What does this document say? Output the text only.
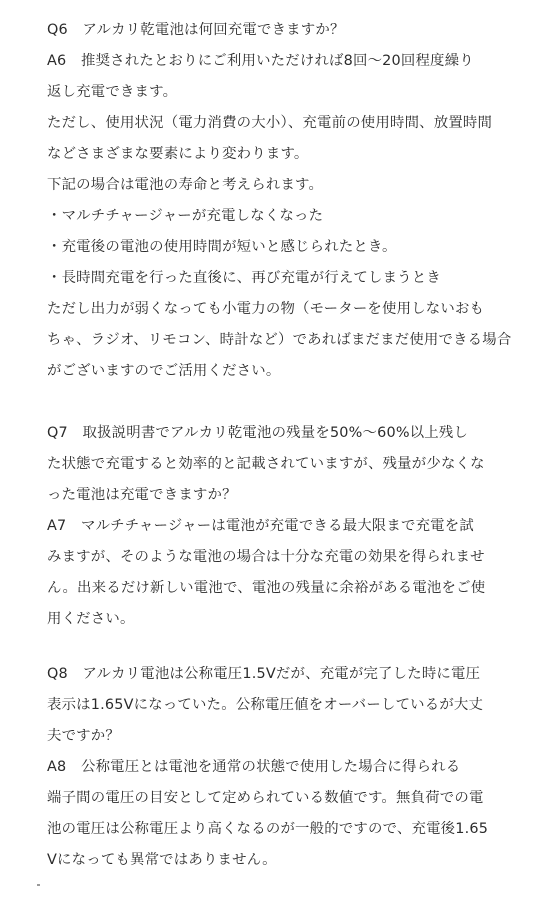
Q6　アルカリ乾電池は何回充電できますか？
A6　推奨されたとおりにご利用いただければ8回～20回程度繰り
返し充電できます。
ただし、使用状況（電力消費の大小）、充電前の使用時間、放置時間
などさまざまな要素により変わります。
下記の場合は電池の寿命と考えられます。
・マルチチャージャーが充電しなくなった
・充電後の電池の使用時間が短いと感じられたとき。
・長時間充電を行った直後に、再び充電が行えてしまうとき
ただし出力が弱くなっても小電力の物（モーターを使用しないおも
ちゃ、ラジオ、リモコン、時計など）であればまだまだ使用できる場合
がございますのでご活用ください。
Q7　取扱説明書でアルカリ乾電池の残量を50%～60%以上残し
た状態で充電すると効率的と記載されていますが、残量が少なくな
った電池は充電できますか？
A7　マルチチャージャーは電池が充電できる最大限まで充電を試
みますが、そのような電池の場合は十分な充電の効果を得られませ
ん。出来るだけ新しい電池で、電池の残量に余裕がある電池をご使
用ください。
Q8　アルカリ電池は公称電圧1.5Vだが、充電が完了した時に電圧
表示は1.65Vになっていた。公称電圧値をオーバーしているが大丈
夫ですか？
A8　公称電圧とは電池を通常の状態で使用した場合に得られる
端子間の電圧の目安として定められている数値です。無負荷での電
池の電圧は公称電圧より高くなるのが一般的ですので、充電後1.65
Vになっても異常ではありません。
